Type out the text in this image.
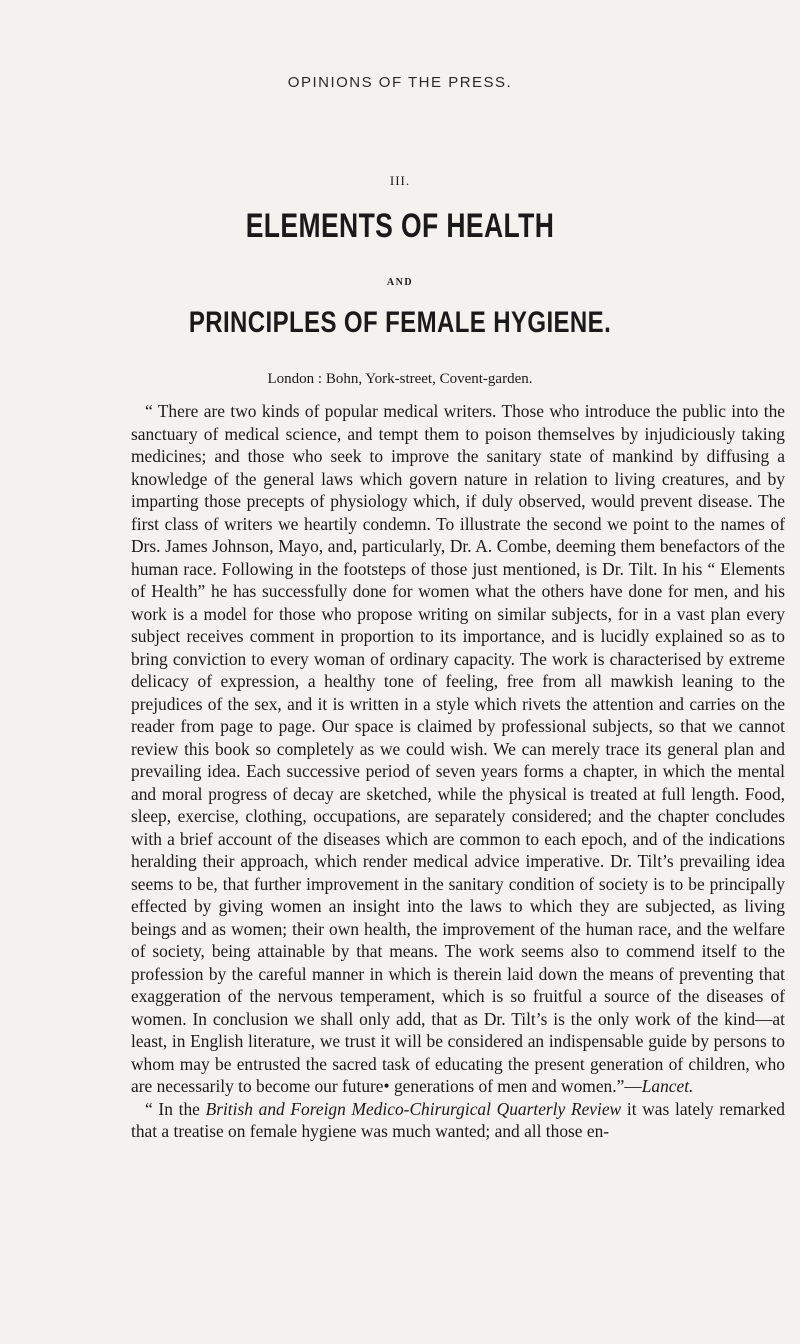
OPINIONS OF THE PRESS.
III.
ELEMENTS OF HEALTH
AND
PRINCIPLES OF FEMALE HYGIENE.
London : Bohn, York-street, Covent-garden.

“ There are two kinds of popular medical writers. Those who introduce the public into the sanctuary of medical science, and tempt them to poison themselves by injudiciously taking medicines; and those who seek to improve the sanitary state of mankind by diffusing a knowledge of the general laws which govern nature in relation to living creatures, and by imparting those precepts of physiology which, if duly observed, would prevent disease. The first class of writers we heartily condemn. To illustrate the second we point to the names of Drs. James Johnson, Mayo, and, particularly, Dr. A. Combe, deeming them benefactors of the human race. Following in the footsteps of those just mentioned, is Dr. Tilt. In his “ Elements of Health” he has successfully done for women what the others have done for men, and his work is a model for those who propose writing on similar subjects, for in a vast plan every subject receives comment in proportion to its importance, and is lucidly explained so as to bring conviction to every woman of ordinary capacity. The work is characterised by extreme delicacy of expression, a healthy tone of feeling, free from all mawkish leaning to the prejudices of the sex, and it is written in a style which rivets the attention and carries on the reader from page to page. Our space is claimed by professional subjects, so that we cannot review this book so completely as we could wish. We can merely trace its general plan and prevailing idea. Each successive period of seven years forms a chapter, in which the mental and moral progress of decay are sketched, while the physical is treated at full length. Food, sleep, exercise, clothing, occupations, are separately considered; and the chapter concludes with a brief account of the diseases which are common to each epoch, and of the indications heralding their approach, which render medical advice imperative. Dr. Tilt’s prevailing idea seems to be, that further improvement in the sanitary condition of society is to be principally effected by giving women an insight into the laws to which they are subjected, as living beings and as women; their own health, the improvement of the human race, and the welfare of society, being attainable by that means. The work seems also to commend itself to the profession by the careful manner in which is therein laid down the means of preventing that exaggeration of the nervous temperament, which is so fruitful a source of the diseases of women. In conclusion we shall only add, that as Dr. Tilt’s is the only work of the kind—at least, in English literature, we trust it will be considered an indispensable guide by persons to whom may be entrusted the sacred task of educating the present generation of children, who are necessarily to become our future• generations of men and women.”—Lancet.

“ In the British and Foreign Medico-Chirurgical Quarterly Review it was lately remarked that a treatise on female hygiene was much wanted; and all those en-
